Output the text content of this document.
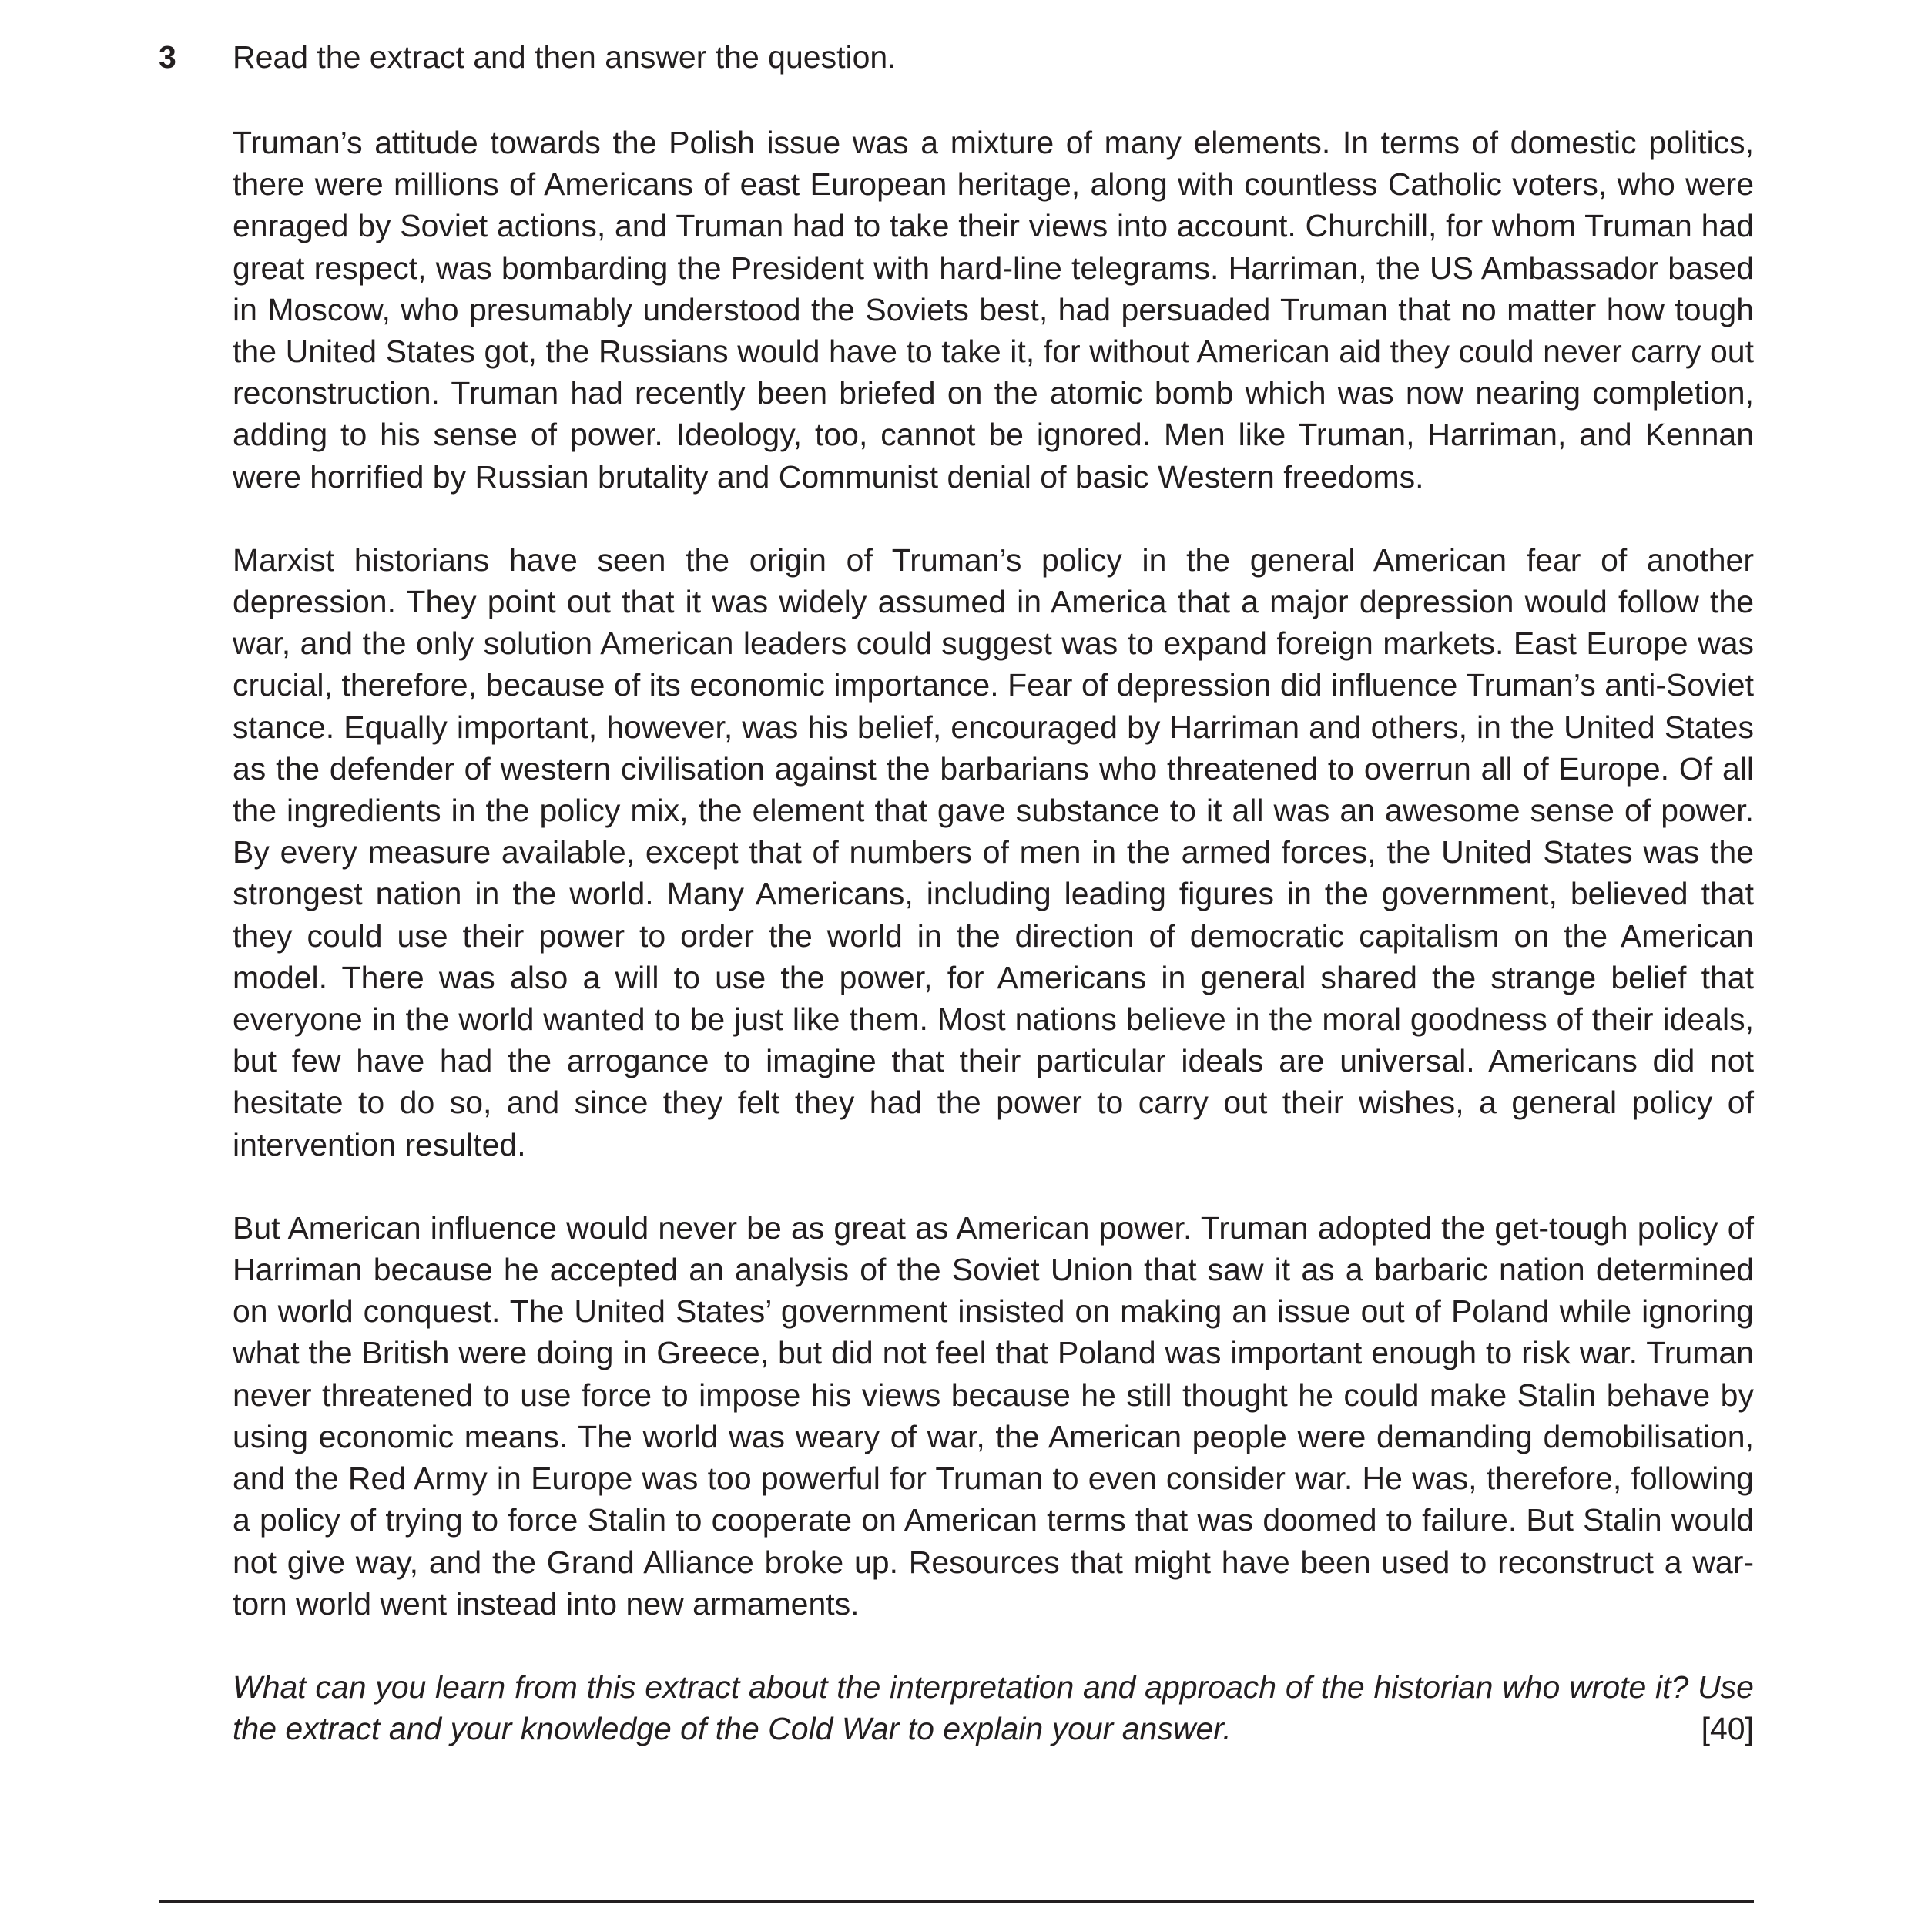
3 Read the extract and then answer the question.

Truman’s attitude towards the Polish issue was a mixture of many elements. In terms of domestic politics, there were millions of Americans of east European heritage, along with countless Catholic voters, who were enraged by Soviet actions, and Truman had to take their views into account. Churchill, for whom Truman had great respect, was bombarding the President with hard-line telegrams. Harriman, the US Ambassador based in Moscow, who presumably understood the Soviets best, had persuaded Truman that no matter how tough the United States got, the Russians would have to take it, for without American aid they could never carry out reconstruction. Truman had recently been briefed on the atomic bomb which was now nearing completion, adding to his sense of power. Ideology, too, cannot be ignored. Men like Truman, Harriman, and Kennan were horrified by Russian brutality and Communist denial of basic Western freedoms.

Marxist historians have seen the origin of Truman’s policy in the general American fear of another depression. They point out that it was widely assumed in America that a major depression would follow the war, and the only solution American leaders could suggest was to expand foreign markets. East Europe was crucial, therefore, because of its economic importance. Fear of depression did influence Truman’s anti-Soviet stance. Equally important, however, was his belief, encouraged by Harriman and others, in the United States as the defender of western civilisation against the barbarians who threatened to overrun all of Europe. Of all the ingredients in the policy mix, the element that gave substance to it all was an awesome sense of power. By every measure available, except that of numbers of men in the armed forces, the United States was the strongest nation in the world. Many Americans, including leading figures in the government, believed that they could use their power to order the world in the direction of democratic capitalism on the American model. There was also a will to use the power, for Americans in general shared the strange belief that everyone in the world wanted to be just like them. Most nations believe in the moral goodness of their ideals, but few have had the arrogance to imagine that their particular ideals are universal. Americans did not hesitate to do so, and since they felt they had the power to carry out their wishes, a general policy of intervention resulted.

But American influence would never be as great as American power. Truman adopted the get-tough policy of Harriman because he accepted an analysis of the Soviet Union that saw it as a barbaric nation determined on world conquest. The United States’ government insisted on making an issue out of Poland while ignoring what the British were doing in Greece, but did not feel that Poland was important enough to risk war. Truman never threatened to use force to impose his views because he still thought he could make Stalin behave by using economic means. The world was weary of war, the American people were demanding demobilisation, and the Red Army in Europe was too powerful for Truman to even consider war. He was, therefore, following a policy of trying to force Stalin to cooperate on American terms that was doomed to failure. But Stalin would not give way, and the Grand Alliance broke up. Resources that might have been used to reconstruct a war-torn world went instead into new armaments.

What can you learn from this extract about the interpretation and approach of the historian who wrote it? Use the extract and your knowledge of the Cold War to explain your answer.	[40]
